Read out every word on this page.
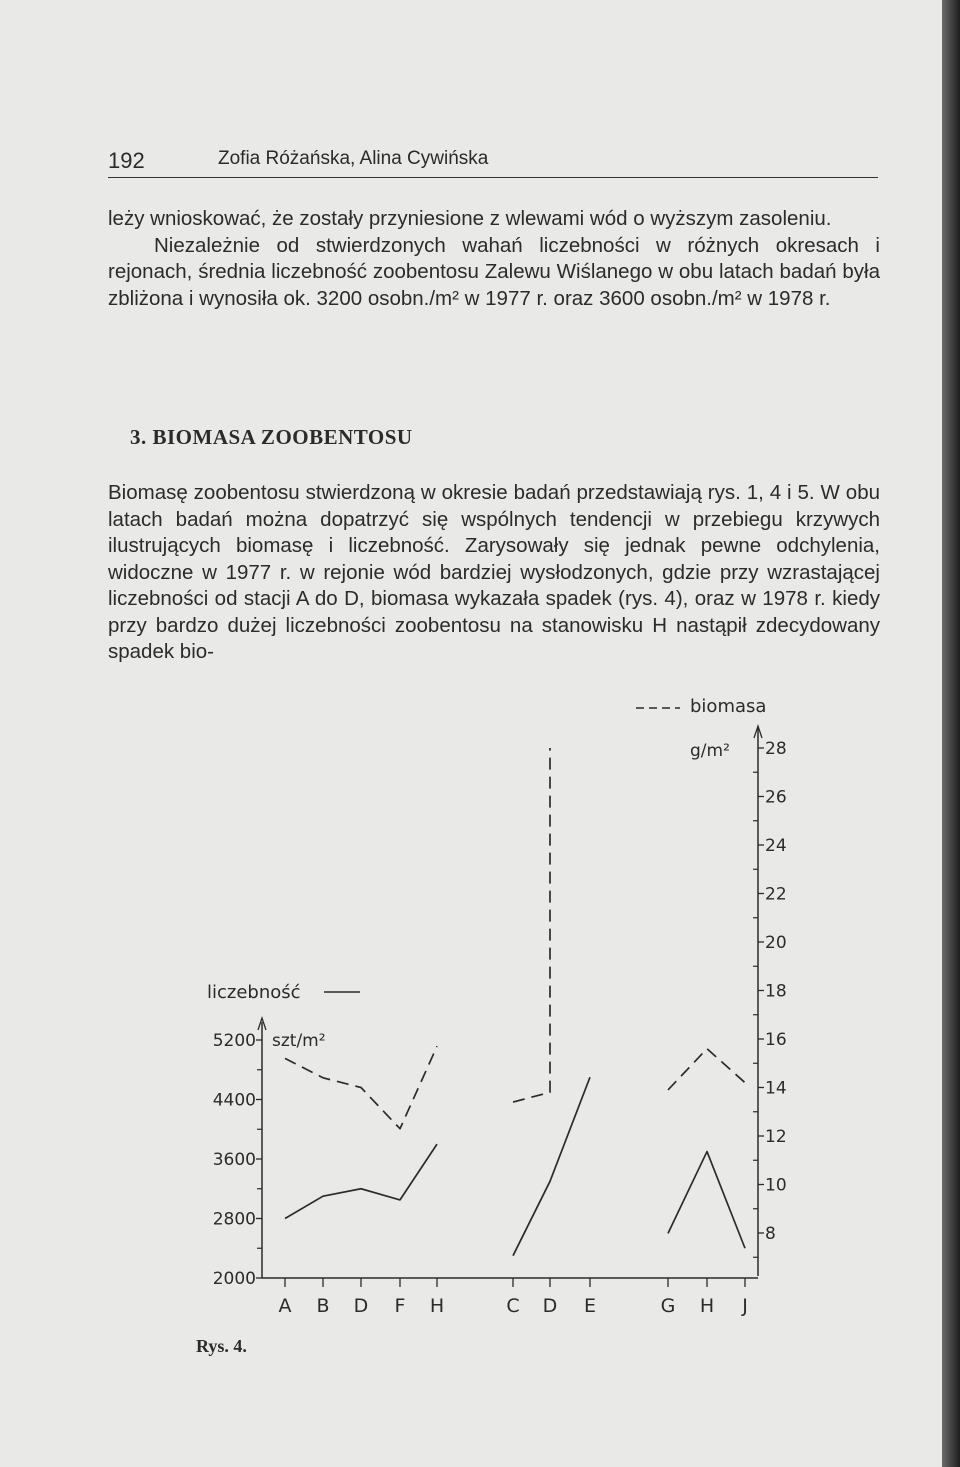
192	Zofia Różańska, Alina Cywińska

leży wnioskować, że zostały przyniesione z wlewami wód o wyższym zasoleniu.

Niezależnie od stwierdzonych wahań liczebności w różnych okresach i rejonach, średnia liczebność zoobentosu Zalewu Wiślanego w obu latach badań była zbliżona i wynosiła ok. 3200 osobn./m² w 1977 r. oraz 3600 osobn./m² w 1978 r.

3. BIOMASA ZOOBENTOSU

Biomasę zoobentosu stwierdzoną w okresie badań przedstawiają rys. 1, 4 i 5. W obu latach badań można dopatrzyć się wspólnych tendencji w przebiegu krzywych ilustrujących biomasę i liczebność. Zarysowały się jednak pewne odchylenia, widoczne w 1977 r. w rejonie wód bardziej wysłodzonych, gdzie przy wzrastającej liczebności od stacji A do D, biomasa wykazała spadek (rys. 4), oraz w 1978 r. kiedy przy bardzo dużej liczebności zoobentosu na stanowisku H nastąpił zdecydowany spadek bio-

2000
2800
3600
4400
5200
8
10
12
14
16
18
20
22
24
26
28
A B D F H	C D E	G H J
liczebność
szt/m²
biomasa
g/m²
Rys. 4.
